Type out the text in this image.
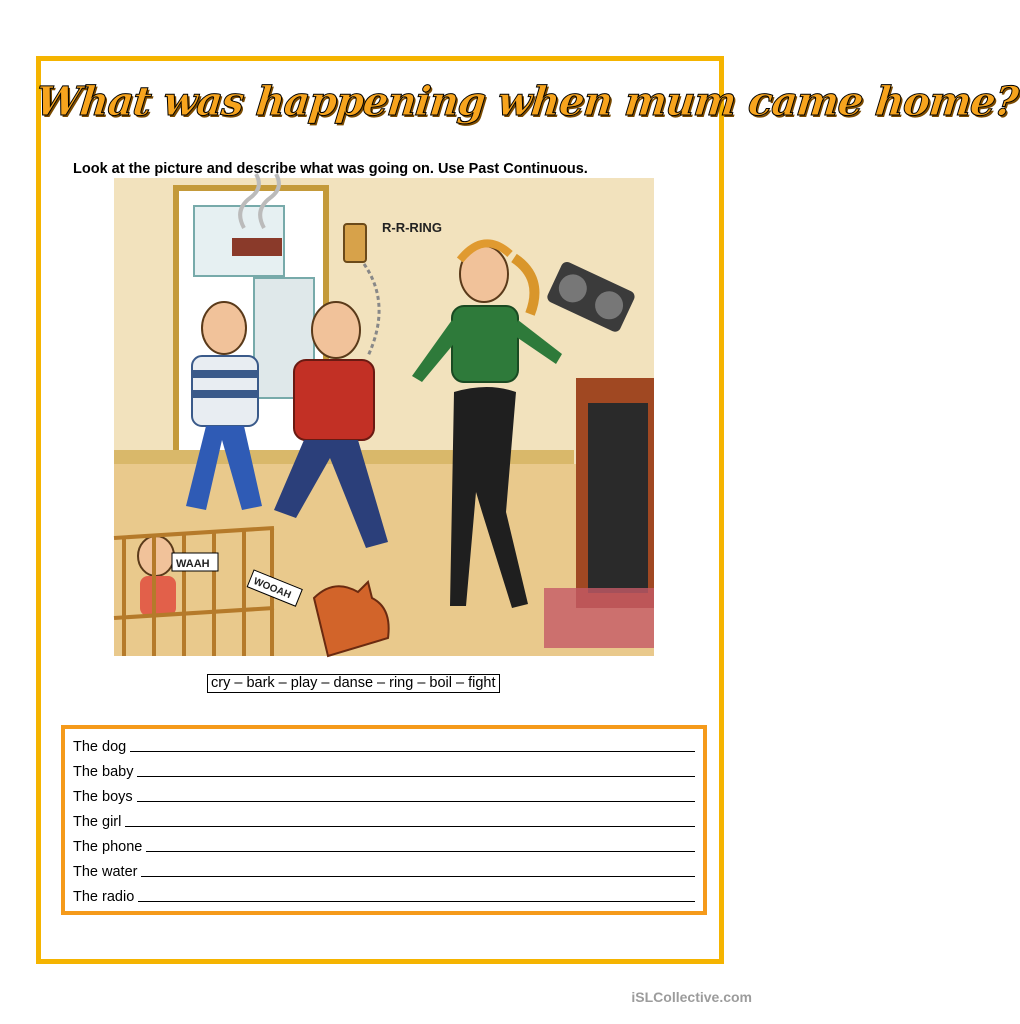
What was happening when mum came home?
Look at the picture and describe what was going on. Use Past Continuous.
R-R-RING
WAAH
WOOAH
cry – bark – play – danse – ring – boil – fight
The dog
The baby
The boys
The girl
The phone
The water
The radio
iSLCollective.com
